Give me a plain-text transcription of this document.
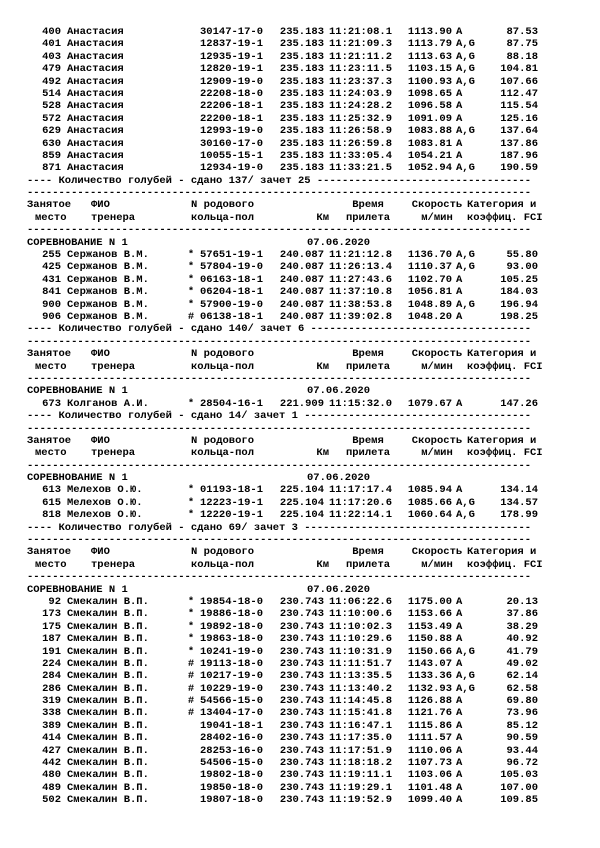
400 Анастасия	30147-17-0	235.183 11:21:08.1	1113.90 A	87.53
401 Анастасия	12837-19-1	235.183 11:21:09.3	1113.79 A,G	87.75
403 Анастасия	12935-19-1	235.183 11:21:11.2	1113.63 A,G	88.18
479 Анастасия	12820-19-1	235.183 11:23:11.5	1103.15 A,G	104.81
492 Анастасия	12909-19-0	235.183 11:23:37.3	1100.93 A,G	107.66
514 Анастасия	22208-18-0	235.183 11:24:03.9	1098.65 A	112.47
528 Анастасия	22206-18-1	235.183 11:24:28.2	1096.58 A	115.54
572 Анастасия	22200-18-1	235.183 11:25:32.9	1091.09 A	125.16
629 Анастасия	12993-19-0	235.183 11:26:58.9	1083.88 A,G	137.64
630 Анастасия	30160-17-0	235.183 11:26:59.8	1083.81 A	137.86
859 Анастасия	10055-15-1	235.183 11:33:05.4	1054.21 A	187.96
871 Анастасия	12934-19-0	235.183 11:33:21.5	1052.94 A,G	190.59
---- Количество голубей - сдано 137/ зачет 25 ----------------------------------
--------------------------------------------------------------------------------
Занятое	ФИО	N родового	Время	Скорость Категория и
место	тренера	кольца-пол	Км	прилета	м/мин	коэффиц. FCI
--------------------------------------------------------------------------------
СОРЕВНОВАНИЕ N 1	07.06.2020
255 Сержанов В.М.	* 57651-19-1	240.087 11:21:12.8	1136.70 A,G	55.80
425 Сержанов В.М.	* 57804-19-0	240.087 11:26:13.4	1110.37 A,G	93.00
431 Сержанов В.М.	* 06163-18-1	240.087 11:27:43.6	1102.70 A	105.25
841 Сержанов В.М.	* 06204-18-1	240.087 11:37:10.8	1056.81 A	184.03
900 Сержанов В.М.	* 57900-19-0	240.087 11:38:53.8	1048.89 A,G	196.94
906 Сержанов В.М.	# 06138-18-1	240.087 11:39:02.8	1048.20 A	198.25
---- Количество голубей - сдано 140/ зачет 6 -----------------------------------
--------------------------------------------------------------------------------
Занятое	ФИО	N родового	Время	Скорость Категория и
место	тренера	кольца-пол	Км	прилета	м/мин	коэффиц. FCI
--------------------------------------------------------------------------------
СОРЕВНОВАНИЕ N 1	07.06.2020
673 Колганов А.И.	* 28504-16-1	221.909 11:15:32.0	1079.67 A	147.26
---- Количество голубей - сдано 14/ зачет 1 ------------------------------------
--------------------------------------------------------------------------------
Занятое	ФИО	N родового	Время	Скорость Категория и
место	тренера	кольца-пол	Км	прилета	м/мин	коэффиц. FCI
--------------------------------------------------------------------------------
СОРЕВНОВАНИЕ N 1	07.06.2020
613 Мелехов О.Ю.	* 01193-18-1	225.104 11:17:17.4	1085.94 A	134.14
615 Мелехов О.Ю.	* 12223-19-1	225.104 11:17:20.6	1085.66 A,G	134.57
818 Мелехов О.Ю.	* 12220-19-1	225.104 11:22:14.1	1060.64 A,G	178.99
---- Количество голубей - сдано 69/ зачет 3 ------------------------------------
--------------------------------------------------------------------------------
Занятое	ФИО	N родового	Время	Скорость Категория и
место	тренера	кольца-пол	Км	прилета	м/мин	коэффиц. FCI
--------------------------------------------------------------------------------
СОРЕВНОВАНИЕ N 1	07.06.2020
92 Смекалин В.П.	* 19854-18-0	230.743 11:06:22.6	1175.00 A	20.13
173 Смекалин В.П.	* 19886-18-0	230.743 11:10:00.6	1153.66 A	37.86
175 Смекалин В.П.	* 19892-18-0	230.743 11:10:02.3	1153.49 A	38.29
187 Смекалин В.П.	* 19863-18-0	230.743 11:10:29.6	1150.88 A	40.92
191 Смекалин В.П.	* 10241-19-0	230.743 11:10:31.9	1150.66 A,G	41.79
224 Смекалин В.П.	# 19113-18-0	230.743 11:11:51.7	1143.07 A	49.02
284 Смекалин В.П.	# 10217-19-0	230.743 11:13:35.5	1133.36 A,G	62.14
286 Смекалин В.П.	# 10229-19-0	230.743 11:13:40.2	1132.93 A,G	62.58
319 Смекалин В.П.	# 54566-15-0	230.743 11:14:45.8	1126.88 A	69.80
338 Смекалин В.П.	# 13404-17-0	230.743 11:15:41.8	1121.76 A	73.96
389 Смекалин В.П.	19041-18-1	230.743 11:16:47.1	1115.86 A	85.12
414 Смекалин В.П.	28402-16-0	230.743 11:17:35.0	1111.57 A	90.59
427 Смекалин В.П.	28253-16-0	230.743 11:17:51.9	1110.06 A	93.44
442 Смекалин В.П.	54506-15-0	230.743 11:18:18.2	1107.73 A	96.72
480 Смекалин В.П.	19802-18-0	230.743 11:19:11.1	1103.06 A	105.03
489 Смекалин В.П.	19850-18-0	230.743 11:19:29.1	1101.48 A	107.00
502 Смекалин В.П.	19807-18-0	230.743 11:19:52.9	1099.40 A	109.85
